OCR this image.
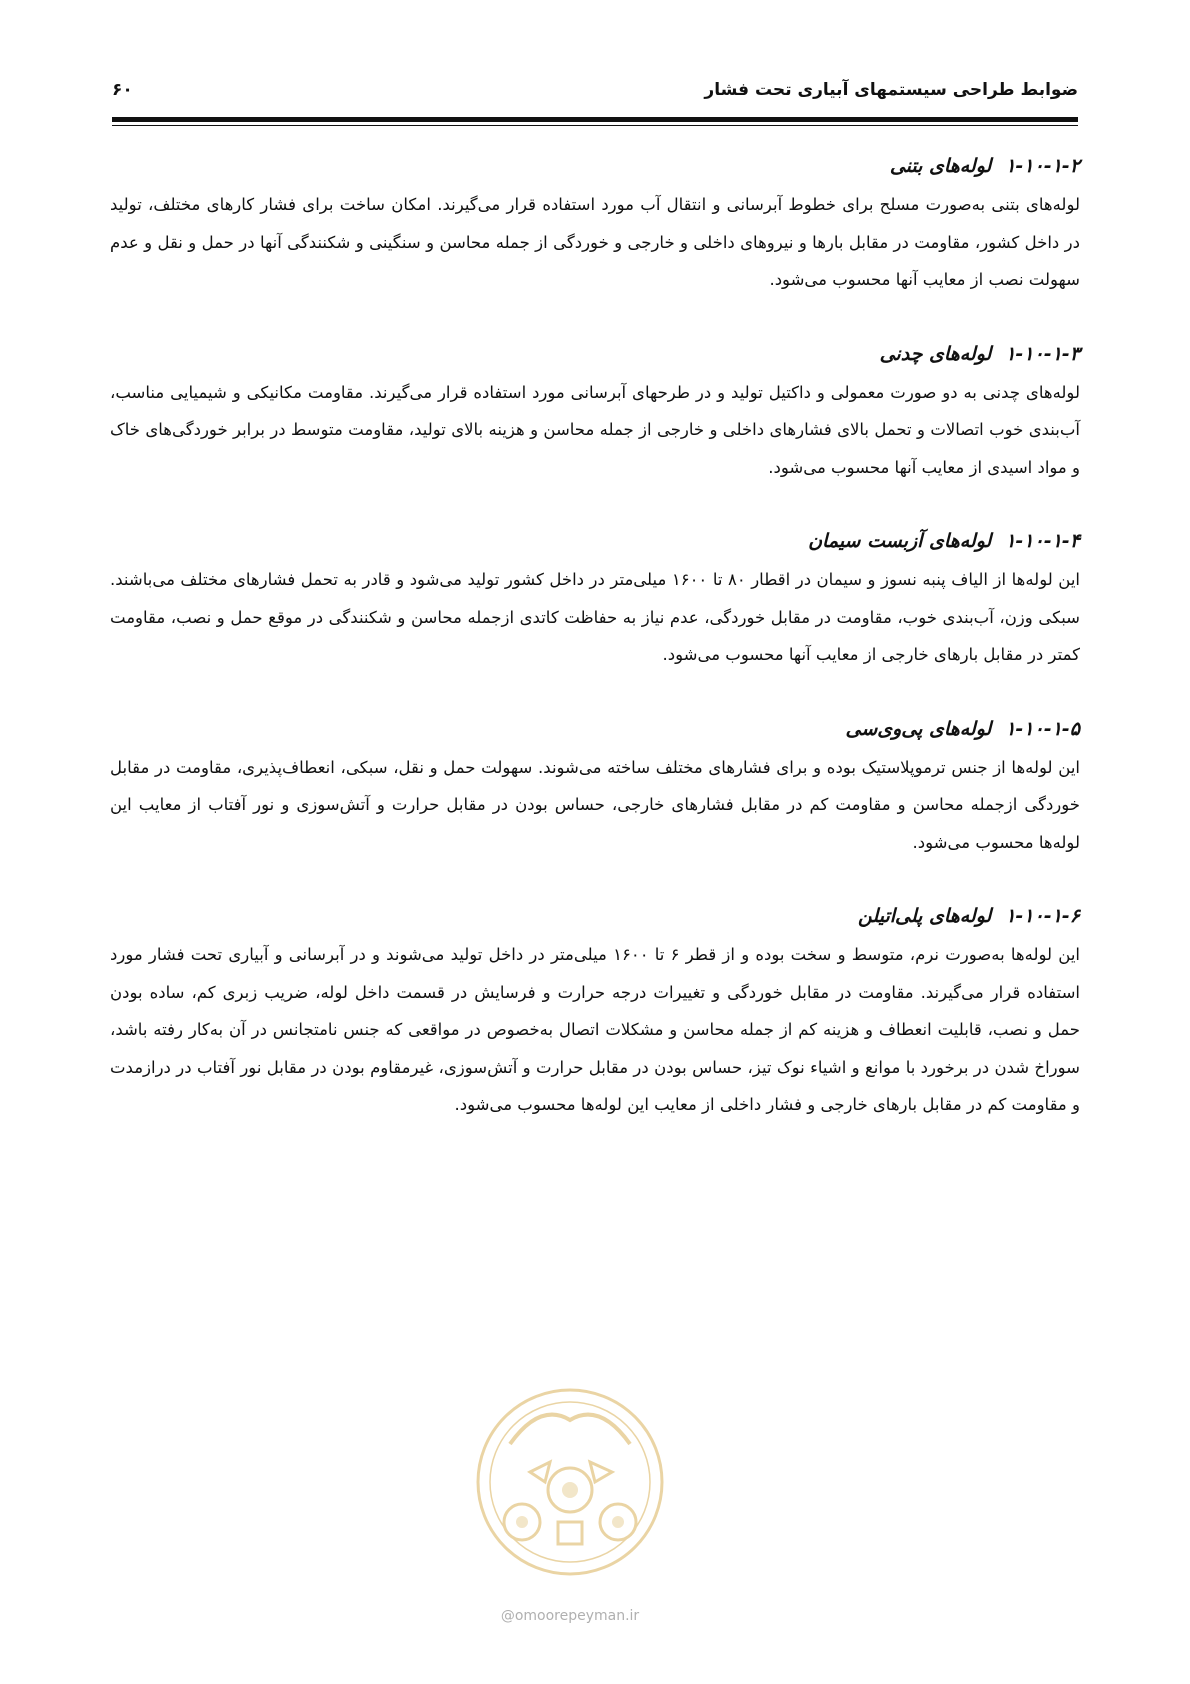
ضوابط طراحی سیستمهای آبیاری تحت فشار
۶۰
۱-۱۰-۱-۲لوله‌های بتنی

لوله‌های بتنی به‌صورت مسلح برای خطوط آبرسانی و انتقال آب مورد استفاده قرار می‌گیرند. امکان ساخت برای فشار کارهای مختلف، تولید در داخل کشور، مقاومت در مقابل بارها و نیروهای داخلی و خارجی و خوردگی از جمله محاسن و سنگینی و شکنندگی آنها در حمل و نقل و عدم سهولت نصب از معایب آنها محسوب می‌شود.

۱-۱۰-۱-۳لوله‌های چدنی

لوله‌های چدنی به دو صورت معمولی و داکتیل تولید و در طرحهای آبرسانی مورد استفاده قرار می‌گیرند. مقاومت مکانیکی و شیمیایی مناسب، آب‌بندی خوب اتصالات و تحمل بالای فشارهای داخلی و خارجی از جمله محاسن و هزینه بالای تولید، مقاومت متوسط در برابر خوردگی‌های خاک و مواد اسیدی از معایب آنها محسوب می‌شود.

۱-۱۰-۱-۴لوله‌های آزبست سیمان

این لوله‌ها از الیاف پنبه نسوز و سیمان در اقطار ۸۰ تا ۱۶۰۰ میلی‌متر در داخل کشور تولید می‌شود و قادر به تحمل فشارهای مختلف می‌باشند. سبکی وزن، آب‌بندی خوب، مقاومت در مقابل خوردگی، عدم نیاز به حفاظت کاتدی ازجمله محاسن و شکنندگی در موقع حمل و نصب، مقاومت کمتر در مقابل بارهای خارجی از معایب آنها محسوب می‌شود.

۱-۱۰-۱-۵لوله‌های پی‌وی‌سی

این لوله‌ها از جنس ترموپلاستیک بوده و برای فشارهای مختلف ساخته می‌شوند. سهولت حمل و نقل، سبکی، انعطاف‌پذیری، مقاومت در مقابل خوردگی ازجمله محاسن و مقاومت کم در مقابل فشارهای خارجی، حساس بودن در مقابل حرارت و آتش‌سوزی و نور آفتاب از معایب این لوله‌ها محسوب می‌شود.

۱-۱۰-۱-۶لوله‌های پلی‌اتیلن

این لوله‌ها به‌صورت نرم، متوسط و سخت بوده و از قطر ۶ تا ۱۶۰۰ میلی‌متر در داخل تولید می‌شوند و در آبرسانی و آبیاری تحت فشار مورد استفاده قرار می‌گیرند. مقاومت در مقابل خوردگی و تغییرات درجه حرارت و فرسایش در قسمت داخل لوله، ضریب زبری کم، ساده بودن حمل و نصب، قابلیت انعطاف و هزینه کم از جمله محاسن و مشکلات اتصال به‌خصوص در مواقعی که جنس نامتجانس در آن به‌کار رفته باشد، سوراخ شدن در برخورد با موانع و اشیاء نوک تیز، حساس بودن در مقابل حرارت و آتش‌سوزی، غیرمقاوم بودن در مقابل نور آفتاب در درازمدت و مقاومت کم در مقابل بارهای خارجی و فشار داخلی از معایب این لوله‌ها محسوب می‌شود.

@omoorepeyman.ir
